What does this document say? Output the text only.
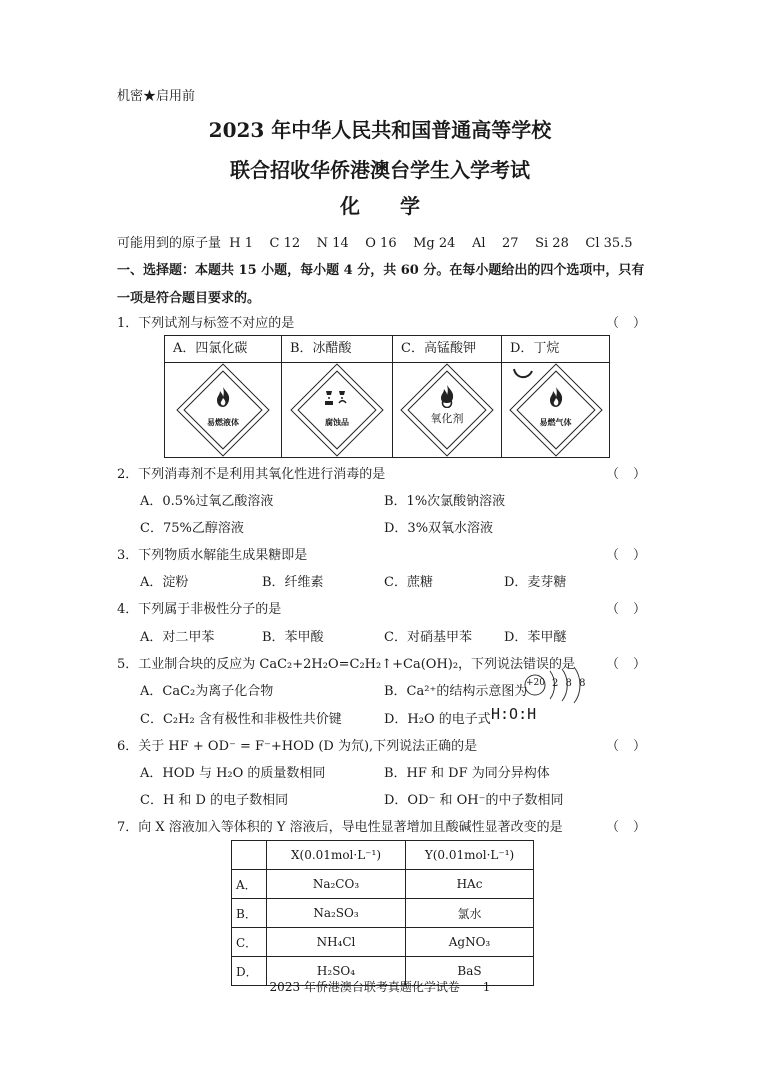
机密★启用前
2023 年中华人民共和国普通高等学校
联合招收华侨港澳台学生入学考试
化　　学
可能用到的原子量  H 1    C 12    N 14    O 16    Mg 24    Al    27    Si 28    Cl 35.5
一、选择题：本题共 15 小题，每小题 4 分，共 60 分。在每小题给出的四个选项中，只有
一项是符合题目要求的。
1．下列试剂与标签不对应的是	（ ）
A．四氯化碳	B．冰醋酸	C．高锰酸钾	D．丁烷

易燃液体	腐蚀品	氧化剂	易燃气体
2．下列消毒剂不是利用其氧化性进行消毒的是	（ ）
A．0.5%过氧乙酸溶液	B．1%次氯酸钠溶液
C．75%乙醇溶液	D．3%双氧水溶液
3．下列物质水解能生成果糖即是	（ ）
A．淀粉	B．纤维素	C．蔗糖	D．麦芽糖
4．下列属于非极性分子的是	（ ）
A．对二甲苯	B．苯甲酸	C．对硝基甲苯 D．苯甲醚
5．工业制合块的反应为 CaC₂+2H₂O=C₂H₂↑+Ca(OH)₂，下列说法错误的是 （ ）
A．CaC₂为离子化合物	B．Ca²⁺的结构示意图为
+20 2 8 8
C．C₂H₂ 含有极性和非极性共价键	D．H₂O 的电子式 H:O:H
6．关于 HF + OD⁻ = F⁻+HOD (D 为氘),下列说法正确的是	（ ）
A．HOD 与 H₂O 的质量数相同	B．HF 和 DF 为同分异构体
C．H 和 D 的电子数相同	D．OD⁻ 和 OH⁻的中子数相同
7．向 X 溶液加入等体积的 Y 溶液后，导电性显著增加且酸碱性显著改变的是	（ ）
	X(0.01mol·L⁻¹)	Y(0.01mol·L⁻¹)
A．	Na₂CO₃	HAc
B．	Na₂SO₃	氯水
C．	NH₄Cl	AgNO₃
D．	H₂SO₄	BaS
2023 年侨港澳台联考真题化学试卷      1
